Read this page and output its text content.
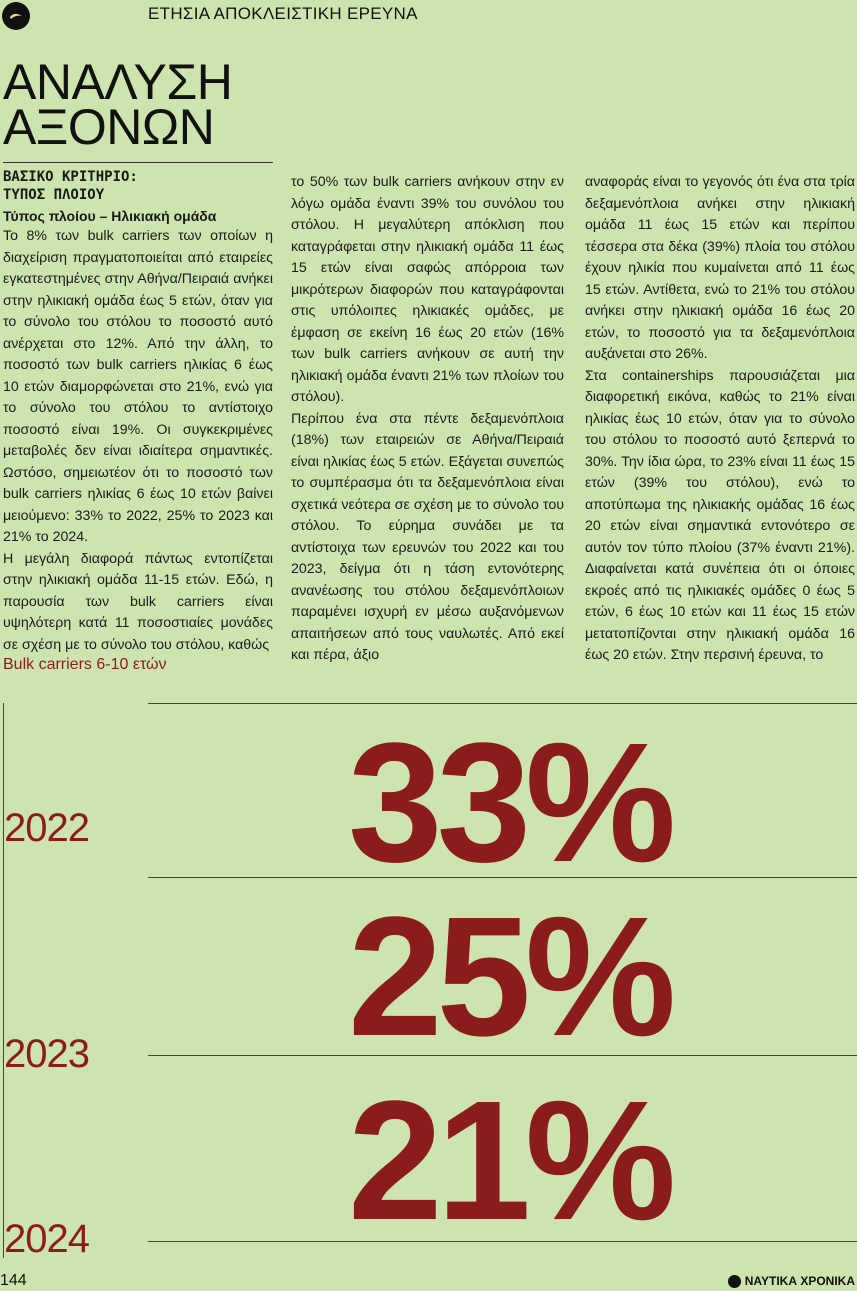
ΕΤΗΣΙΑ ΑΠΟΚΛΕΙΣΤΙΚΗ ΕΡΕΥΝΑ
ΑΝΑΛΥΣΗ
ΑΞΟΝΩΝ
ΒΑΣΙΚΟ ΚΡΙΤΗΡΙΟ:
ΤΥΠΟΣ ΠΛΟΙΟΥ

Τύπος πλοίου – Ηλικιακή ομάδα

Το 8% των bulk carriers των οποίων η διαχείριση πραγματοποιείται από εταιρείες εγκατεστημένες στην Αθήνα/Πειραιά ανήκει στην ηλικιακή ομάδα έως 5 ετών, όταν για το σύνολο του στόλου το ποσοστό αυτό ανέρχεται στο 12%. Από την άλλη, το ποσοστό των bulk carriers ηλικίας 6 έως 10 ετών διαμορφώνεται στο 21%, ενώ για το σύνολο του στόλου το αντίστοιχο ποσοστό είναι 19%. Οι συγκεκριμένες μεταβολές δεν είναι ιδιαίτερα σημαντικές. Ωστόσο, σημειωτέον ότι το ποσοστό των bulk carriers ηλικίας 6 έως 10 ετών βαίνει μειούμενο: 33% το 2022, 25% το 2023 και 21% το 2024.

Η μεγάλη διαφορά πάντως εντοπίζεται στην ηλικιακή ομάδα 11-15 ετών. Εδώ, η παρουσία των bulk carriers είναι υψηλότερη κατά 11 ποσοστιαίες μονάδες σε σχέση με το σύνολο του στόλου, καθώς

το 50% των bulk carriers ανήκουν στην εν λόγω ομάδα έναντι 39% του συνόλου του στόλου. Η μεγαλύτερη απόκλιση που καταγράφεται στην ηλικιακή ομάδα 11 έως 15 ετών είναι σαφώς απόρροια των μικρότερων διαφορών που καταγράφονται στις υπόλοιπες ηλικιακές ομάδες, με έμφαση σε εκείνη 16 έως 20 ετών (16% των bulk carriers ανήκουν σε αυτή την ηλικιακή ομάδα έναντι 21% των πλοίων του στόλου).

Περίπου ένα στα πέντε δεξαμενόπλοια (18%) των εταιρειών σε Αθήνα/Πειραιά είναι ηλικίας έως 5 ετών. Εξάγεται συνεπώς το συμπέρασμα ότι τα δεξαμενόπλοια είναι σχετικά νεότερα σε σχέση με το σύνολο του στόλου. Το εύρημα συνάδει με τα αντίστοιχα των ερευνών του 2022 και του 2023, δείγμα ότι η τάση εντονότερης ανανέωσης του στόλου δεξαμενόπλοιων παραμένει ισχυρή εν μέσω αυξανόμενων απαιτήσεων από τους ναυλωτές. Από εκεί και πέρα, άξιο

αναφοράς είναι το γεγονός ότι ένα στα τρία δεξαμενόπλοια ανήκει στην ηλικιακή ομάδα 11 έως 15 ετών και περίπου τέσσερα στα δέκα (39%) πλοία του στόλου έχουν ηλικία που κυμαίνεται από 11 έως 15 ετών. Αντίθετα, ενώ το 21% του στόλου ανήκει στην ηλικιακή ομάδα 16 έως 20 ετών, το ποσοστό για τα δεξαμενόπλοια αυξάνεται στο 26%.

Στα containerships παρουσιάζεται μια διαφορετική εικόνα, καθώς το 21% είναι ηλικίας έως 10 ετών, όταν για το σύνολο του στόλου το ποσοστό αυτό ξεπερνά το 30%. Την ίδια ώρα, το 23% είναι 11 έως 15 ετών (39% του στόλου), ενώ το αποτύπωμα της ηλικιακής ομάδας 16 έως 20 ετών είναι σημαντικά εντονότερο σε αυτόν τον τύπο πλοίου (37% έναντι 21%). Διαφαίνεται κατά συνέπεια ότι οι όποιες εκροές από τις ηλικιακές ομάδες 0 έως 5 ετών, 6 έως 10 ετών και 11 έως 15 ετών μετατοπίζονται στην ηλικιακή ομάδα 16 έως 20 ετών. Στην περσινή έρευνα, το

Bulk carriers 6-10 ετών
2022 33%
2023 25%
2024 21%
144	ΝΑΥΤΙΚΑ ΧΡΟΝΙΚΑ
